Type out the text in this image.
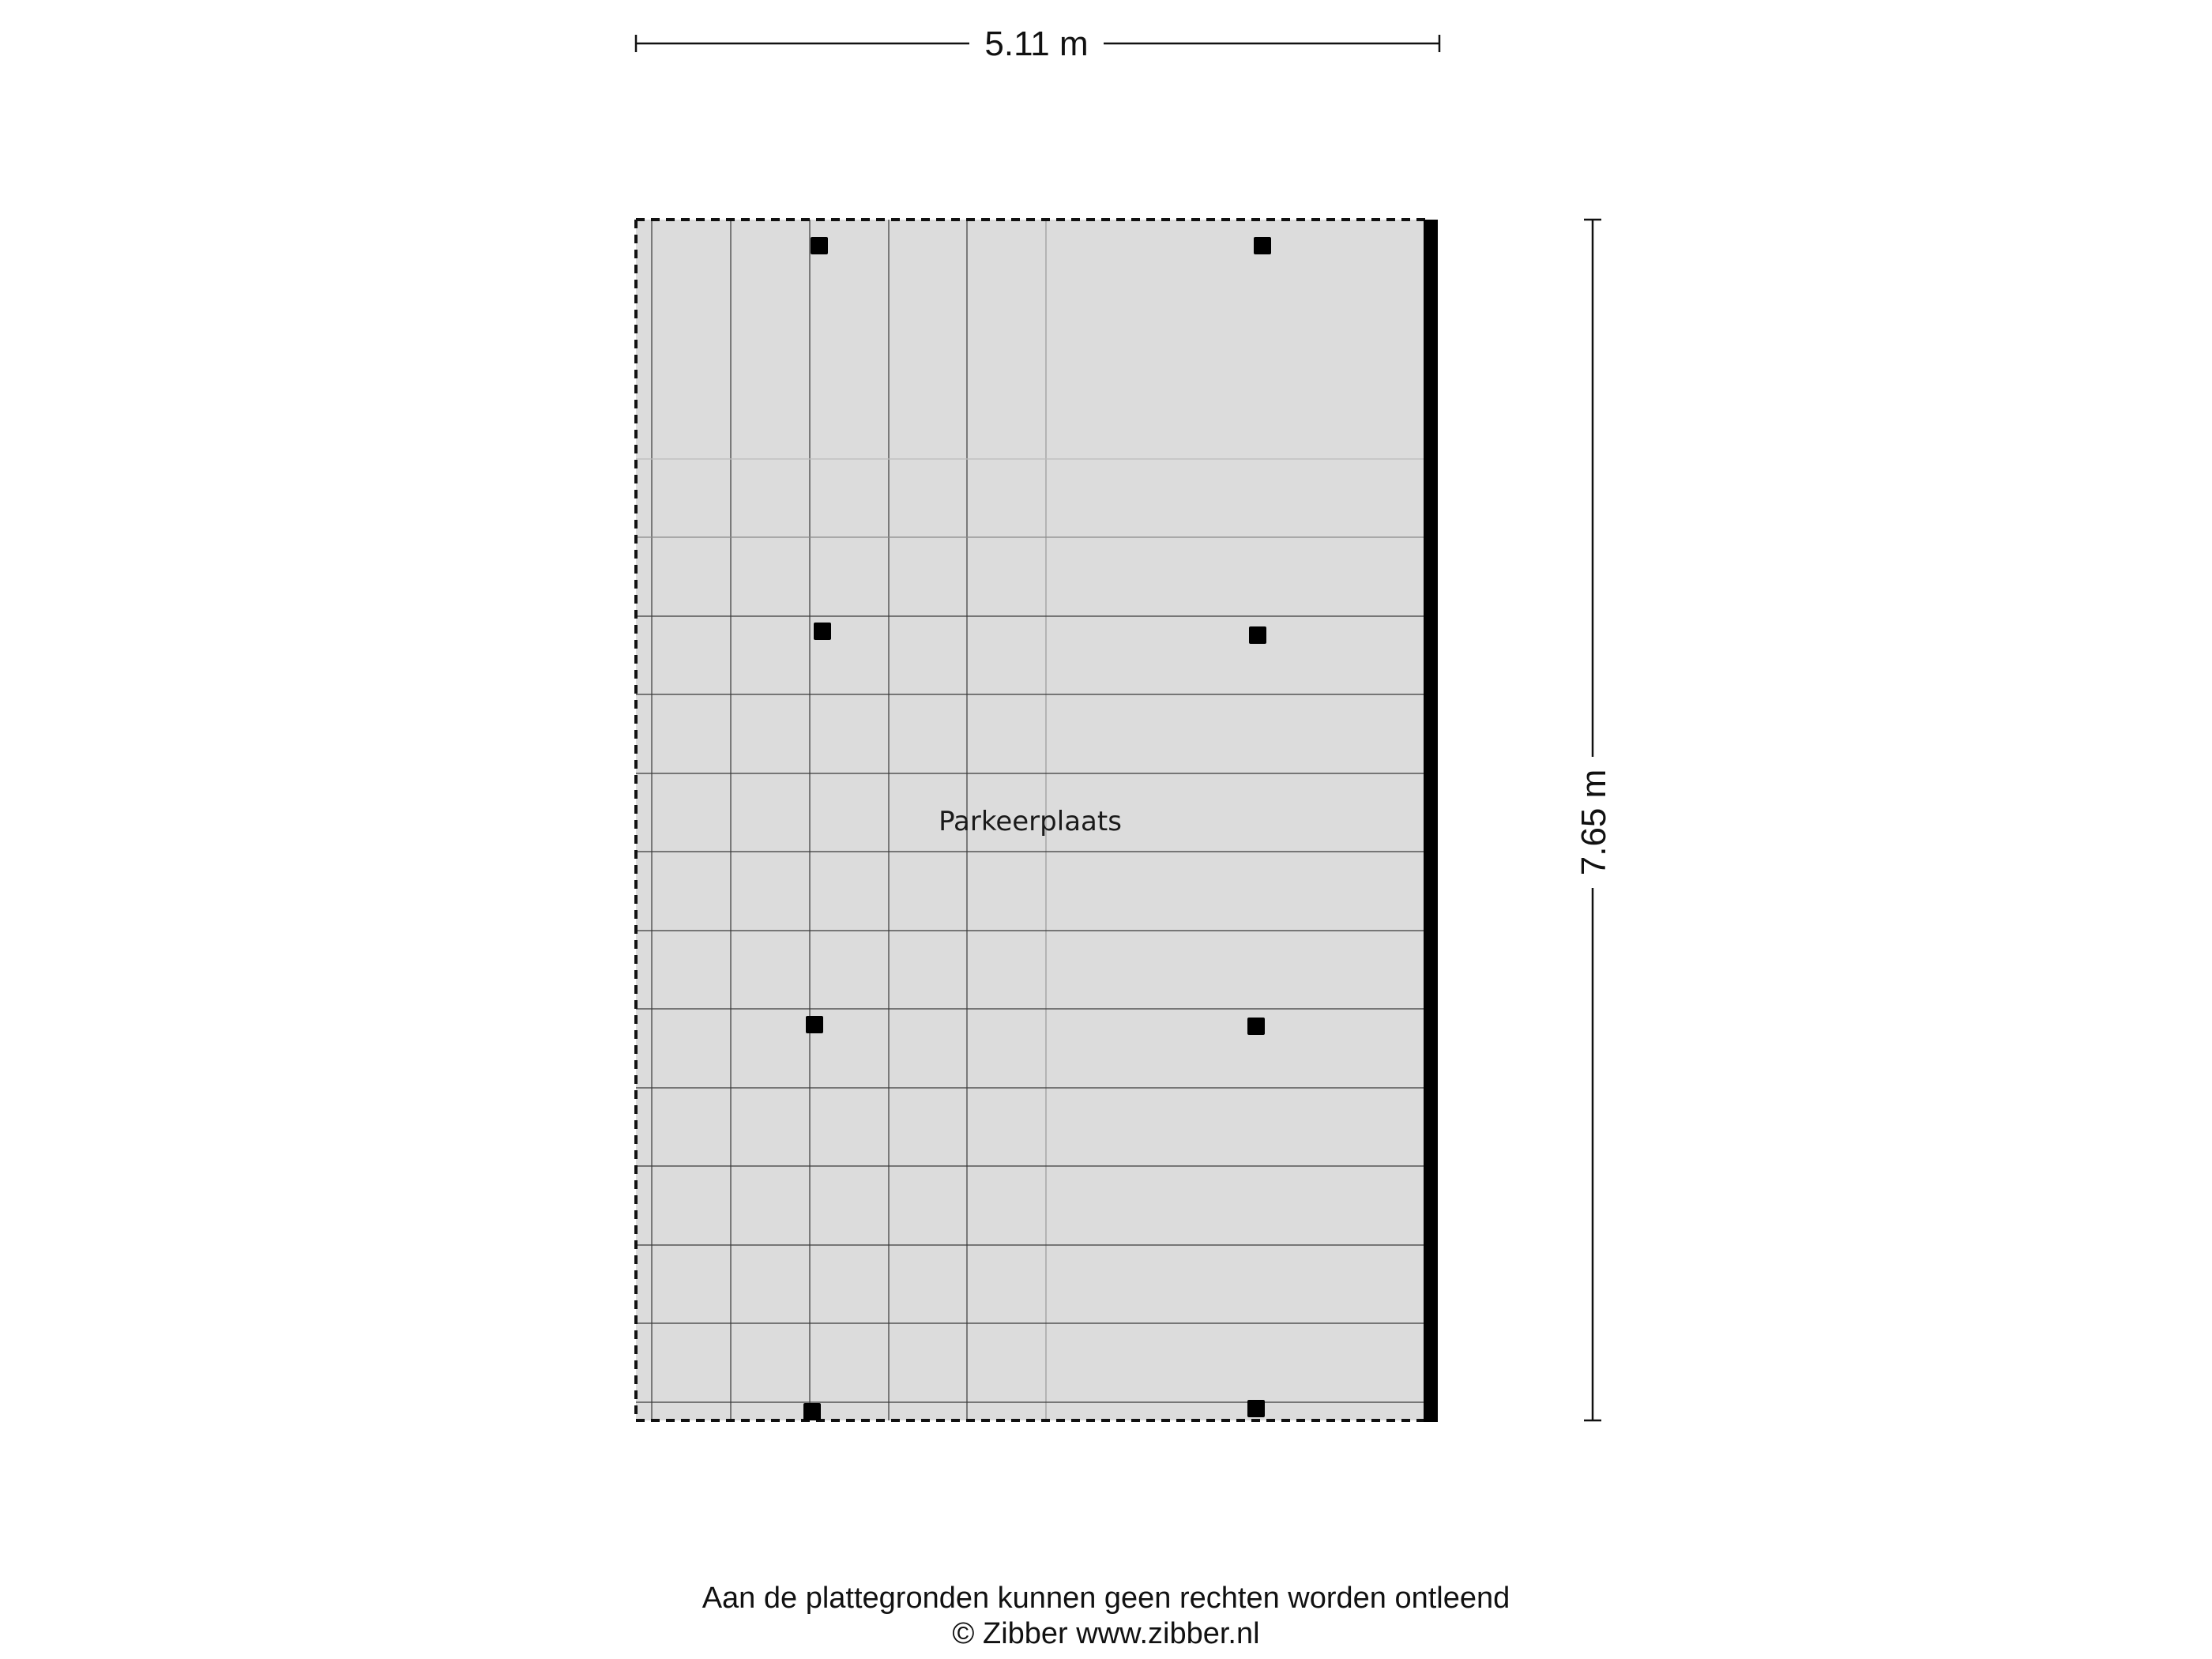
5.11 m
7.65 m
Parkeerplaats
Aan de plattegronden kunnen geen rechten worden ontleend
© Zibber www.zibber.nl
